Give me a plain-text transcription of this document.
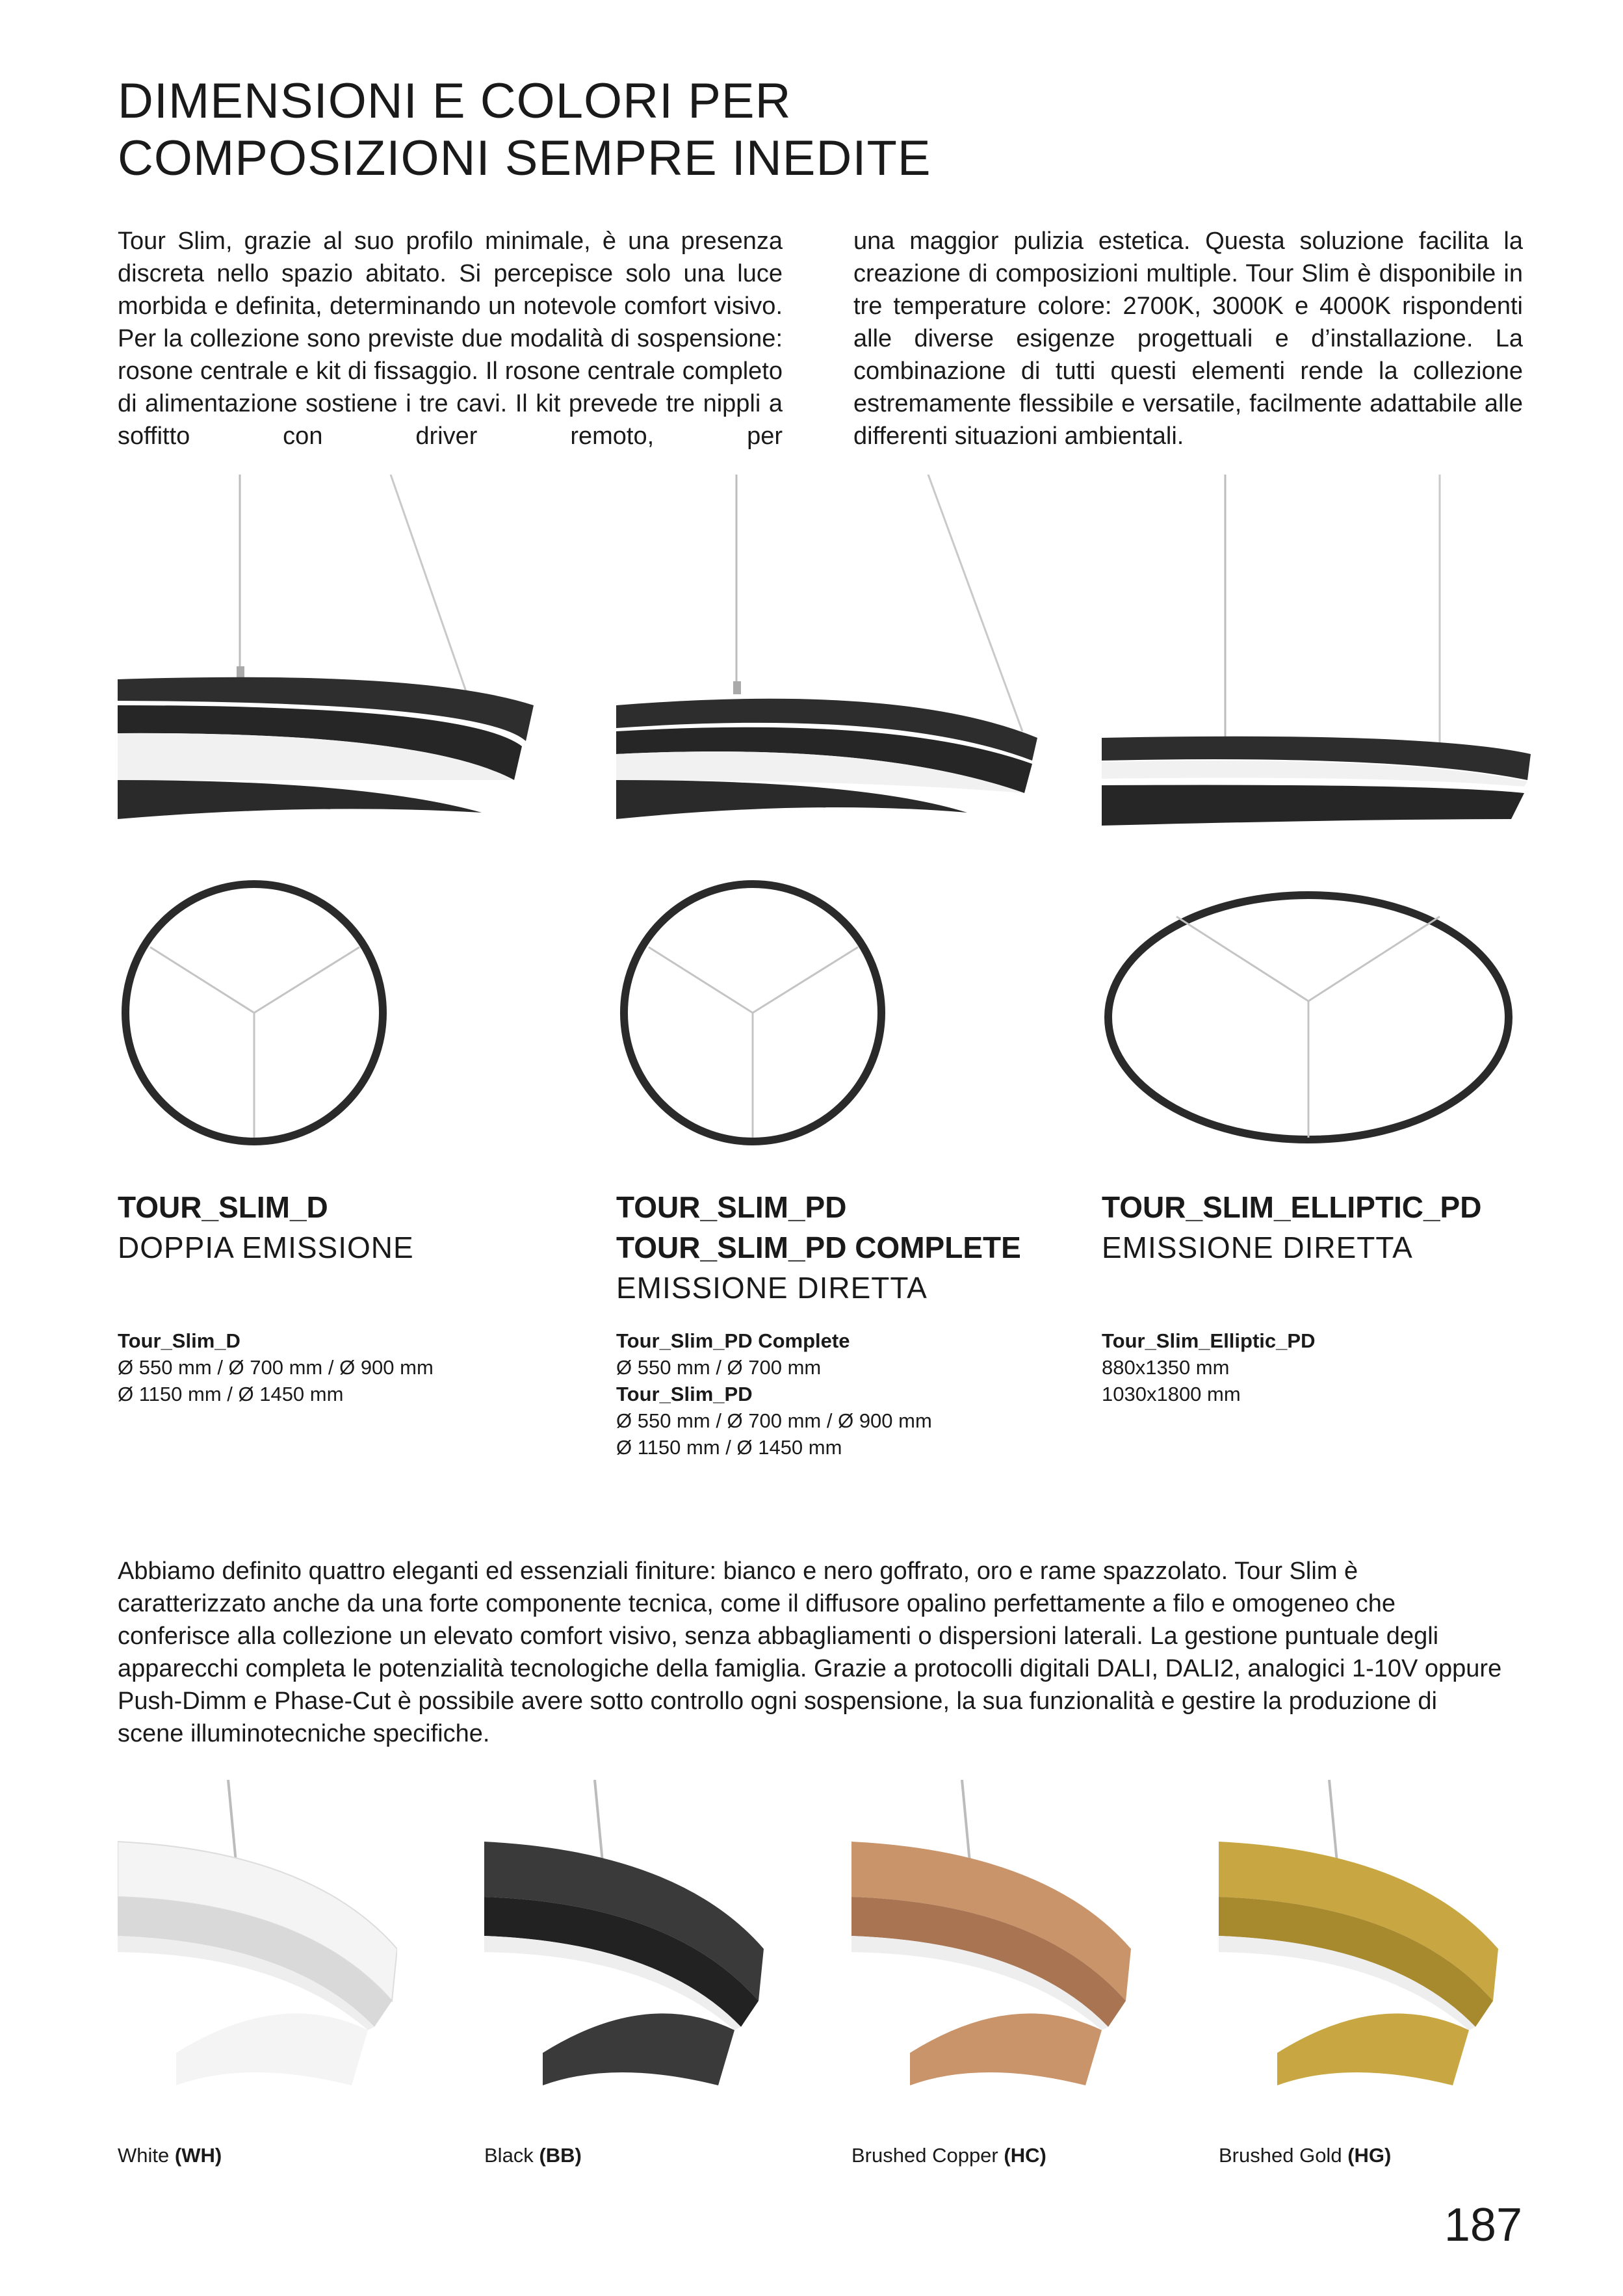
DIMENSIONI E COLORI PER
COMPOSIZIONI SEMPRE INEDITE

Tour Slim, grazie al suo profilo minimale, è una presenza discreta nello spazio abitato. Si percepisce solo una luce morbida e definita, determinando un notevole comfort visivo. Per la collezione sono previste due modalità di sospensione: rosone centrale e kit di fissaggio. Il rosone centrale completo di alimentazione sostiene i tre cavi. Il kit prevede tre nippli a soffitto con driver remoto, per

una maggior pulizia estetica. Questa soluzione facilita la creazione di composizioni multiple. Tour Slim è disponibile in tre temperature colore: 2700K, 3000K e 4000K rispondenti alle diverse esigenze progettuali e d’installazione. La combinazione di tutti questi elementi rende la collezione estremamente flessibile e versatile, facilmente adattabile alle differenti situazioni ambientali.

TOUR_SLIM_D

DOPPIA EMISSIONE

TOUR_SLIM_PD

TOUR_SLIM_PD COMPLETE

EMISSIONE DIRETTA

TOUR_SLIM_ELLIPTIC_PD

EMISSIONE DIRETTA

Tour_Slim_D

Ø 550 mm / Ø 700 mm / Ø 900 mm

Ø 1150 mm / Ø 1450 mm

Tour_Slim_PD Complete

Ø 550 mm / Ø 700 mm

Tour_Slim_PD

Ø 550 mm / Ø 700 mm / Ø 900 mm

Ø 1150 mm / Ø 1450 mm

Tour_Slim_Elliptic_PD

880x1350 mm

1030x1800 mm

Abbiamo definito quattro eleganti ed essenziali finiture: bianco e nero goffrato, oro e rame spazzolato. Tour Slim è caratterizzato anche da una forte componente tecnica, come il diffusore opalino perfettamente a filo e omogeneo che conferisce alla collezione un elevato comfort visivo, senza abbagliamenti o dispersioni laterali. La gestione puntuale degli apparecchi completa le potenzialità tecnologiche della famiglia. Grazie a protocolli digitali DALI, DALI2, analogici 1-10V oppure Push-Dimm e Phase-Cut è possibile avere sotto controllo ogni sospensione, la sua funzionalità e gestire la produzione di scene illuminotecniche specifiche.

White (WH)	Black (BB)	Brushed Copper (HC)	Brushed Gold (HG)

187
